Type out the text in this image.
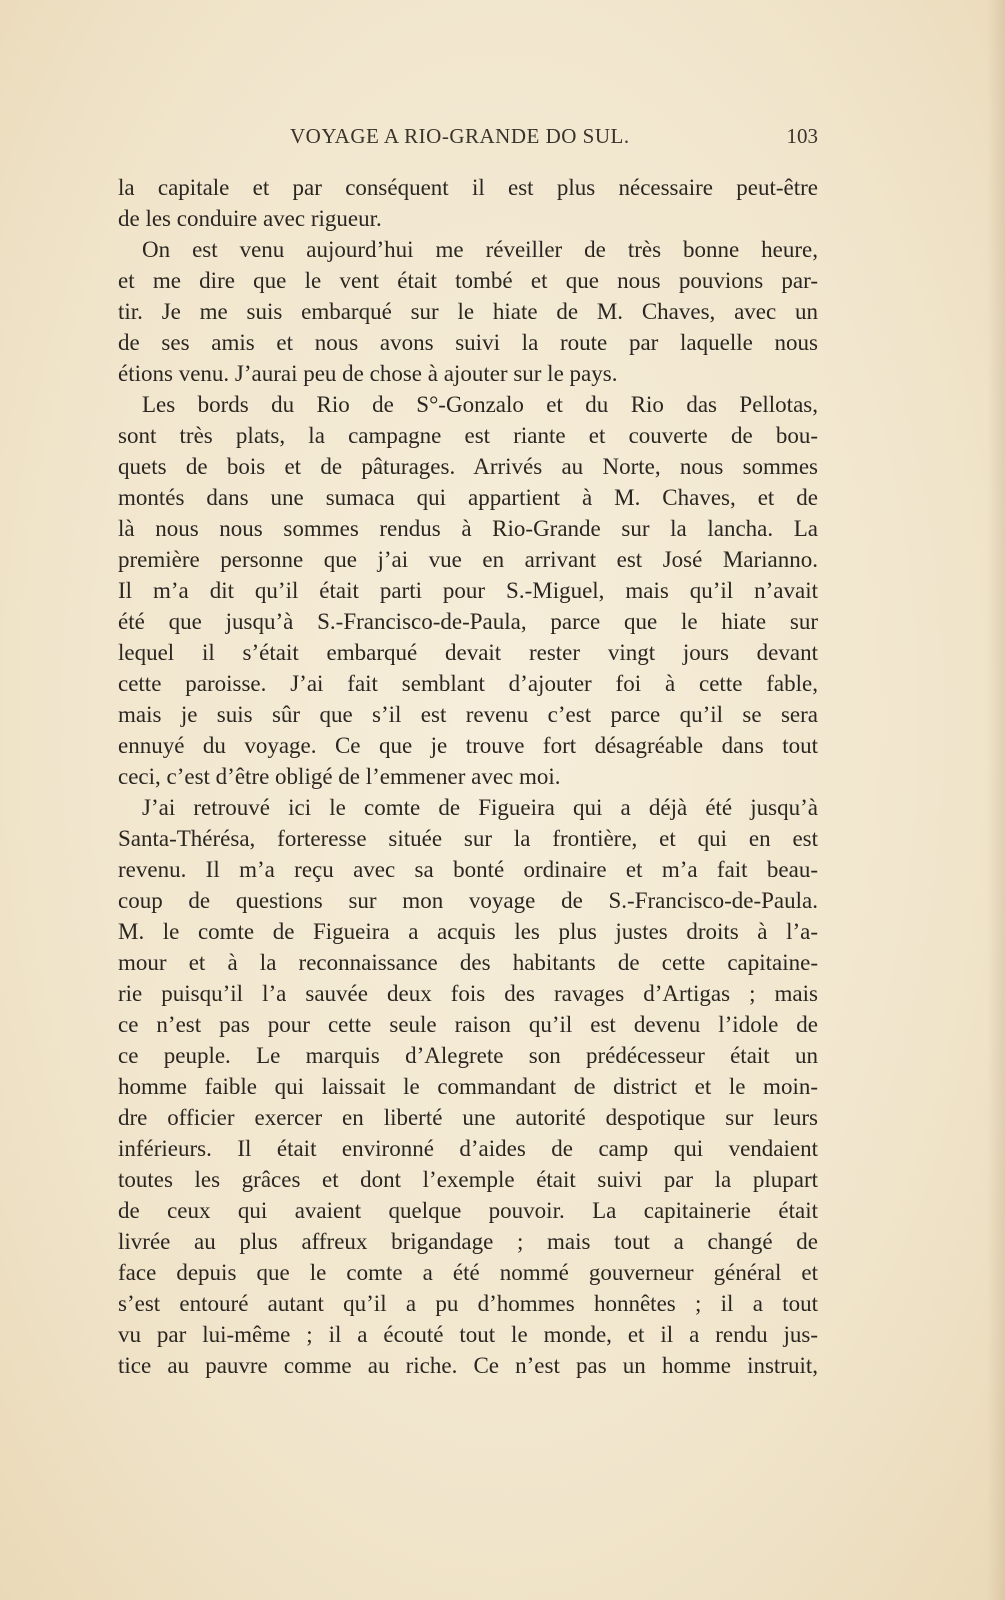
VOYAGE A RIO-GRANDE DO SUL.	103
la capitale et par conséquent il est plus nécessaire peut-être
de les conduire avec rigueur.
On est venu aujourd’hui me réveiller de très bonne heure,
et me dire que le vent était tombé et que nous pouvions par-
tir. Je me suis embarqué sur le hiate de M. Chaves, avec un
de ses amis et nous avons suivi la route par laquelle nous
étions venu. J’aurai peu de chose à ajouter sur le pays.
Les bords du Rio de S°-Gonzalo et du Rio das Pellotas,
sont très plats, la campagne est riante et couverte de bou-
quets de bois et de pâturages. Arrivés au Norte, nous sommes
montés dans une sumaca qui appartient à M. Chaves, et de
là nous nous sommes rendus à Rio-Grande sur la lancha. La
première personne que j’ai vue en arrivant est José Marianno.
Il m’a dit qu’il était parti pour S.-Miguel, mais qu’il n’avait
été que jusqu’à S.-Francisco-de-Paula, parce que le hiate sur
lequel il s’était embarqué devait rester vingt jours devant
cette paroisse. J’ai fait semblant d’ajouter foi à cette fable,
mais je suis sûr que s’il est revenu c’est parce qu’il se sera
ennuyé du voyage. Ce que je trouve fort désagréable dans tout
ceci, c’est d’être obligé de l’emmener avec moi.
J’ai retrouvé ici le comte de Figueira qui a déjà été jusqu’à
Santa-Thérésa, forteresse située sur la frontière, et qui en est
revenu. Il m’a reçu avec sa bonté ordinaire et m’a fait beau-
coup de questions sur mon voyage de S.-Francisco-de-Paula.
M. le comte de Figueira a acquis les plus justes droits à l’a-
mour et à la reconnaissance des habitants de cette capitaine-
rie puisqu’il l’a sauvée deux fois des ravages d’Artigas ; mais
ce n’est pas pour cette seule raison qu’il est devenu l’idole de
ce peuple. Le marquis d’Alegrete son prédécesseur était un
homme faible qui laissait le commandant de district et le moin-
dre officier exercer en liberté une autorité despotique sur leurs
inférieurs. Il était environné d’aides de camp qui vendaient
toutes les grâces et dont l’exemple était suivi par la plupart
de ceux qui avaient quelque pouvoir. La capitainerie était
livrée au plus affreux brigandage ; mais tout a changé de
face depuis que le comte a été nommé gouverneur général et
s’est entouré autant qu’il a pu d’hommes honnêtes ; il a tout
vu par lui-même ; il a écouté tout le monde, et il a rendu jus-
tice au pauvre comme au riche. Ce n’est pas un homme instruit,
